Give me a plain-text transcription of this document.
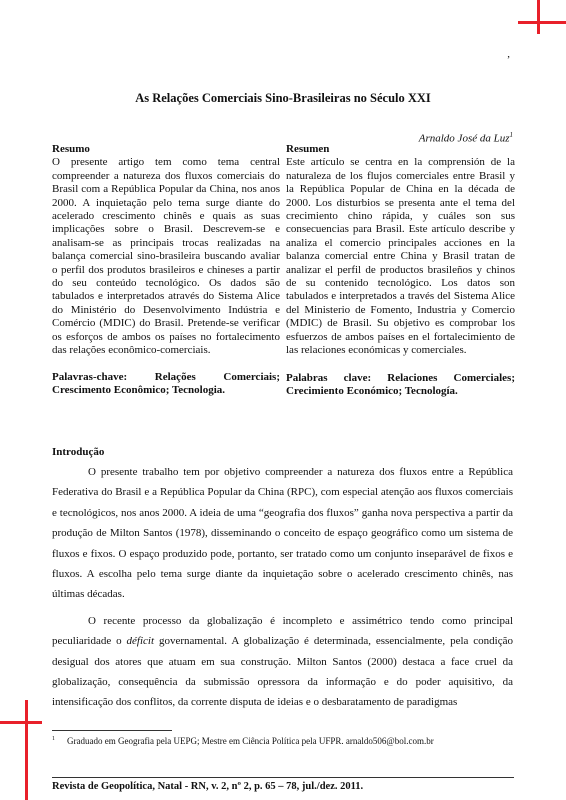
,
As Relações Comerciais Sino-Brasileiras no Século XXI
Arnaldo José da Luz$^1$
Resumo

O presente artigo tem como tema central compreender a natureza dos fluxos comerciais do Brasil com a República Popular da China, nos anos 2000. A inquietação pelo tema surge diante do acelerado crescimento chinês e quais as suas implicações sobre o Brasil. Descrevem-se e analisam-se as principais trocas realizadas na balança comercial sino-brasileira buscando avaliar o perfil dos produtos brasileiros e chineses a partir do seu conteúdo tecnológico. Os dados são tabulados e interpretados através do Sistema Alice do Ministério do Desenvolvimento Indústria e Comércio (MDIC) do Brasil. Pretende-se verificar os esforços de ambos os países no fortalecimento das relações econômico-comerciais.

Palavras-chave: Relações Comerciais; Crescimento Econômico; Tecnologia.

Resumen

Este artículo se centra en la comprensión de la naturaleza de los flujos comerciales entre Brasil y la República Popular de China en la década de 2000. Los disturbios se presenta ante el tema del crecimiento chino rápida, y cuáles son sus consecuencias para Brasil. Este artículo describe y analiza el comercio principales acciones en la balanza comercial entre China y Brasil tratan de analizar el perfil de productos brasileños y chinos de su contenido tecnológico. Los datos son tabulados e interpretados a través del Sistema Alice del Ministerio de Fomento, Industria y Comercio (MDIC) de Brasil. Su objetivo es comprobar los esfuerzos de ambos países en el fortalecimiento de las relaciones económicas y comerciales.

Palabras clave: Relaciones Comerciales; Crecimiento Económico; Tecnología.

Introdução

O presente trabalho tem por objetivo compreender a natureza dos fluxos entre a República Federativa do Brasil e a República Popular da China (RPC), com especial atenção aos fluxos comerciais e tecnológicos, nos anos 2000. A ideia de uma “geografia dos fluxos” ganha nova perspectiva a partir da produção de Milton Santos (1978), disseminando o conceito de espaço geográfico como um sistema de fluxos e fixos. O espaço produzido pode, portanto, ser tratado como um conjunto inseparável de fixos e fluxos. A escolha pelo tema surge diante da inquietação sobre o acelerado crescimento chinês, nas últimas décadas.

O recente processo da globalização é incompleto e assimétrico tendo como principal peculiaridade o déficit governamental. A globalização é determinada, essencialmente, pela condição desigual dos atores que atuam em sua construção. Milton Santos (2000) destaca a face cruel da globalização, consequência da submissão opressora da informação e do poder aquisitivo, da intensificação dos conflitos, da corrente disputa de ideias e o desbaratamento de paradigmas

$^1$ Graduado em Geografia pela UEPG; Mestre em Ciência Política pela UFPR. arnaldo506@bol.com.br
Revista de Geopolítica, Natal - RN, v. 2, nº 2, p. 65 – 78, jul./dez. 2011.
